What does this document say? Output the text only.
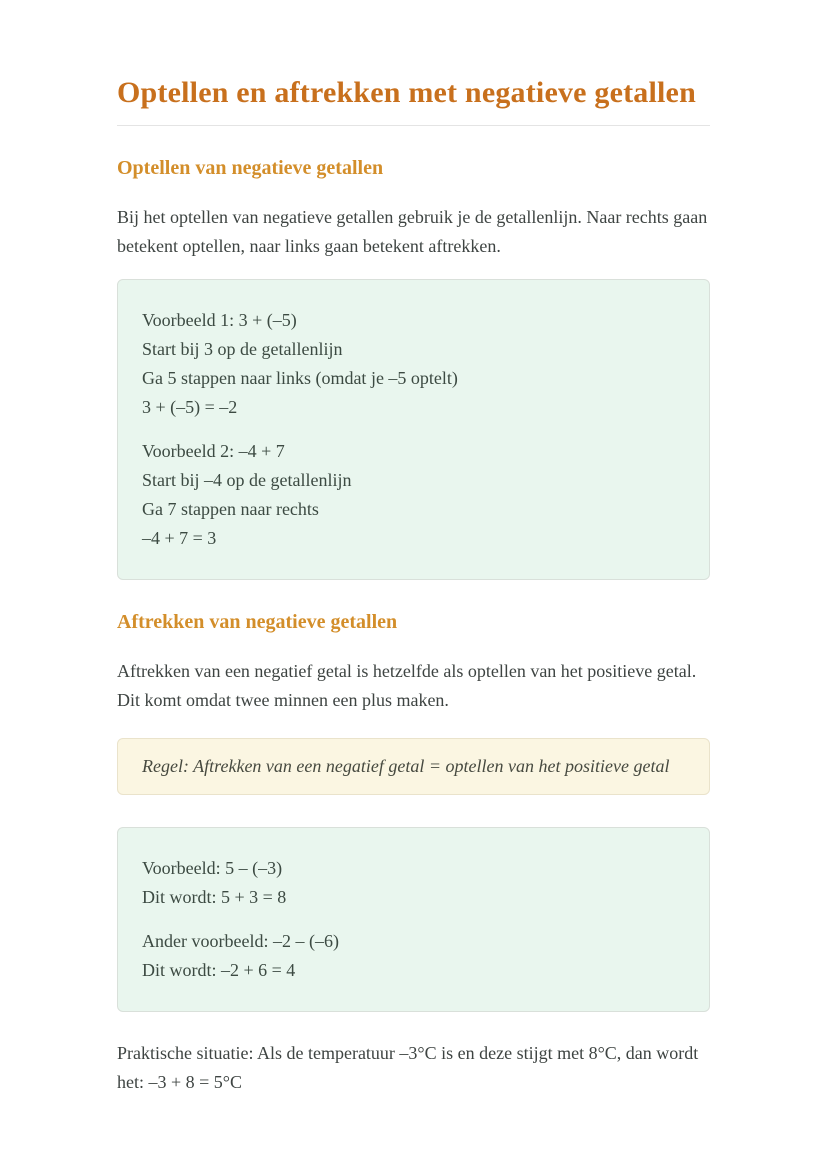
Optellen en aftrekken met negatieve getallen
Optellen van negatieve getallen

Bij het optellen van negatieve getallen gebruik je de getallenlijn. Naar rechts gaan betekent optellen, naar links gaan betekent aftrekken.

Voorbeeld 1: 3 + (–5)
Start bij 3 op de getallenlijn
Ga 5 stappen naar links (omdat je –5 optelt)
3 + (–5) = –2
Voorbeeld 2: –4 + 7
Start bij –4 op de getallenlijn
Ga 7 stappen naar rechts
–4 + 7 = 3
Aftrekken van negatieve getallen

Aftrekken van een negatief getal is hetzelfde als optellen van het positieve getal. Dit komt omdat twee minnen een plus maken.

Regel: Aftrekken van een negatief getal = optellen van het positieve getal
Voorbeeld: 5 – (–3)
Dit wordt: 5 + 3 = 8
Ander voorbeeld: –2 – (–6)
Dit wordt: –2 + 6 = 4

Praktische situatie: Als de temperatuur –3°C is en deze stijgt met 8°C, dan wordt het: –3 + 8 = 5°C
